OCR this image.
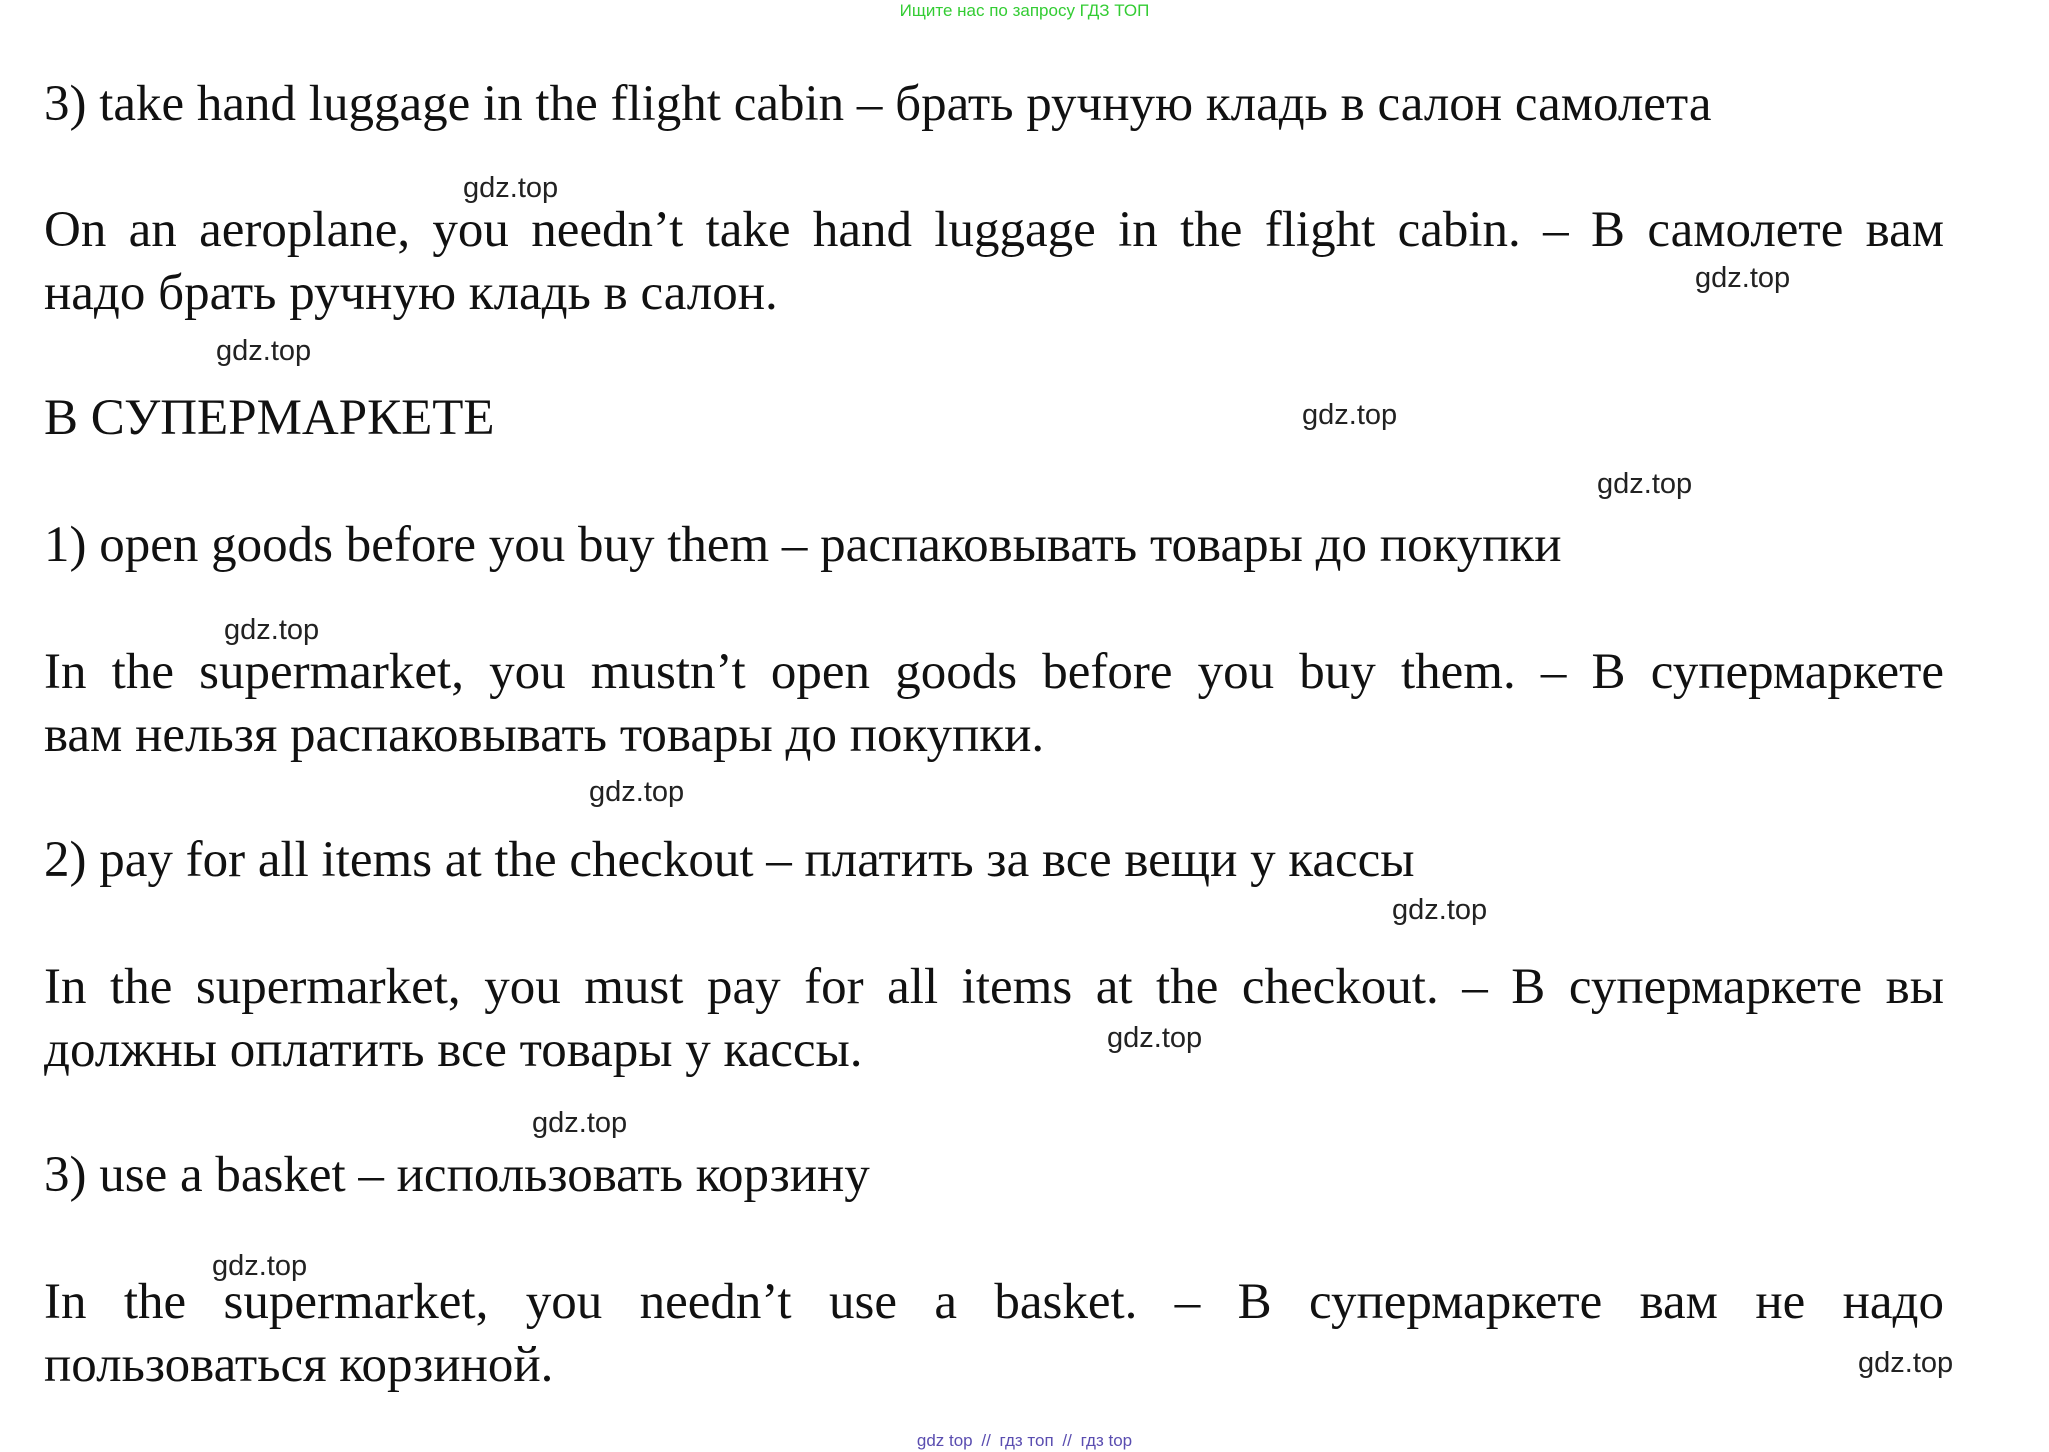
Ищите нас по запросу ГДЗ ТОП
3) take hand luggage in the flight cabin – брать ручную кладь в салон самолета
gdz.top
On an aeroplane, you needn’t take hand luggage in the flight cabin. – В самолете вам
надо брать ручную кладь в салон.	gdz.top
gdz.top
В СУПЕРМАРКЕТЕ	gdz.top
gdz.top
1) open goods before you buy them – распаковывать товары до покупки
gdz.top
In the supermarket, you mustn’t open goods before you buy them. – В супермаркете
вам нельзя распаковывать товары до покупки.
gdz.top
2) pay for all items at the checkout – платить за все вещи у кассы
gdz.top
In the supermarket, you must pay for all items at the checkout. – В супермаркете вы
должны оплатить все товары у кассы.	gdz.top
gdz.top
3) use a basket – использовать корзину
gdz.top
In the supermarket, you needn’t use a basket. – В супермаркете вам не надо
пользоваться корзиной.	gdz.top
gdz top // гдз топ // гдз top
